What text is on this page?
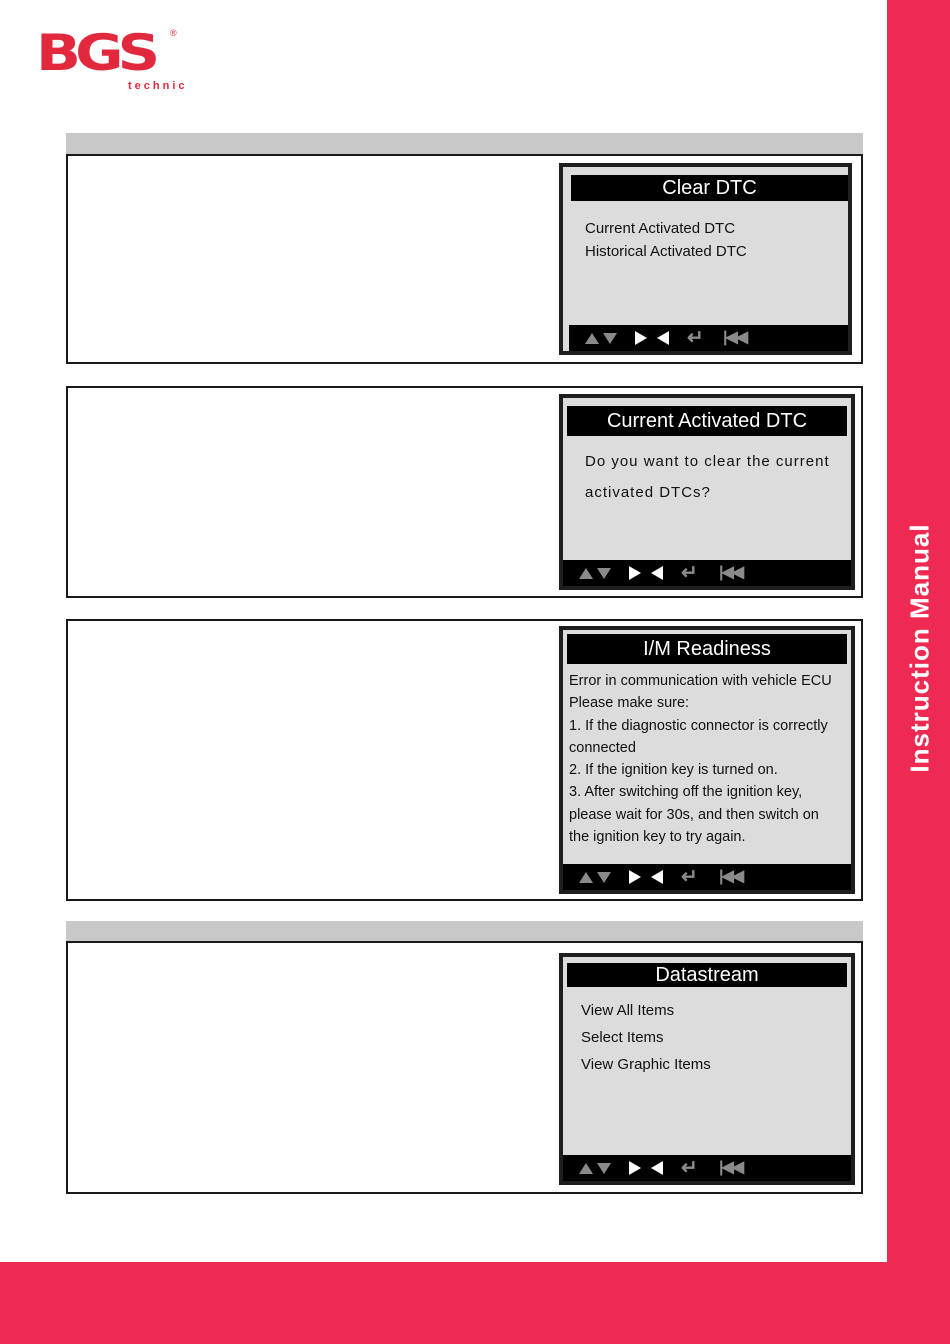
Instruction Manual
BGS ®
technic
Clear DTC
Current Activated DTC
Historical Activated DTC
↵ |◀◀
Current Activated DTC
Do you want to clear the current
activated DTCs?
↵ |◀◀
I/M Readiness
Error in communication with vehicle ECU
Please make sure:
1. If the diagnostic connector is correctly
connected
2. If the ignition key is turned on.
3. After switching off the ignition key,
please wait for 30s, and then switch on
the ignition key to try again.
↵ |◀◀
Datastream
View All Items
Select Items
View Graphic Items
↵ |◀◀
